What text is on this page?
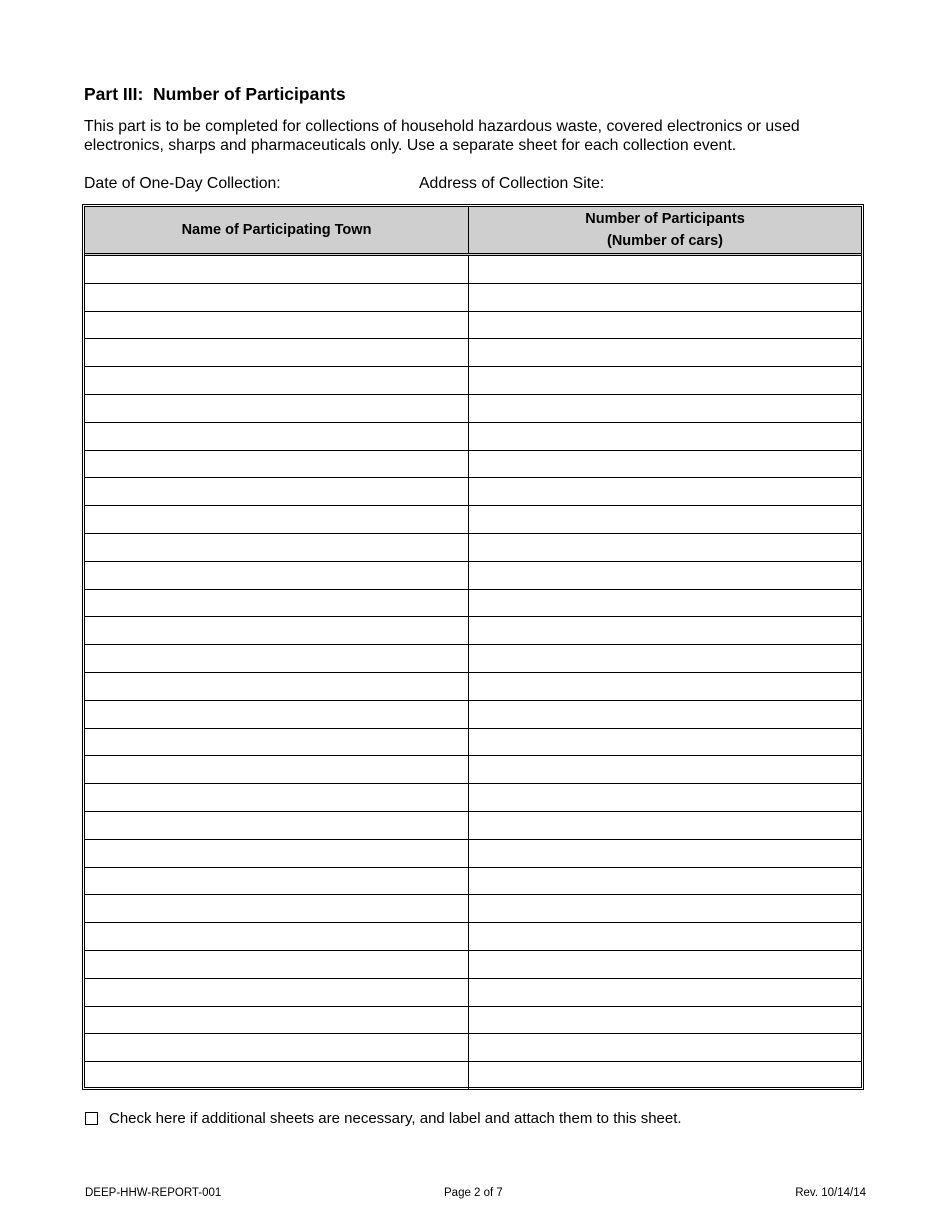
Part III:  Number of Participants

This part is to be completed for collections of household hazardous waste, covered electronics or used electronics, sharps and pharmaceuticals only. Use a separate sheet for each collection event.

Date of One-Day Collection:	Address of Collection Site:

Name of Participating Town	Number of Participants
(Number of cars)

Check here if additional sheets are necessary, and label and attach them to this sheet.

DEEP-HHW-REPORT-001	Page 2 of 7	Rev. 10/14/14
